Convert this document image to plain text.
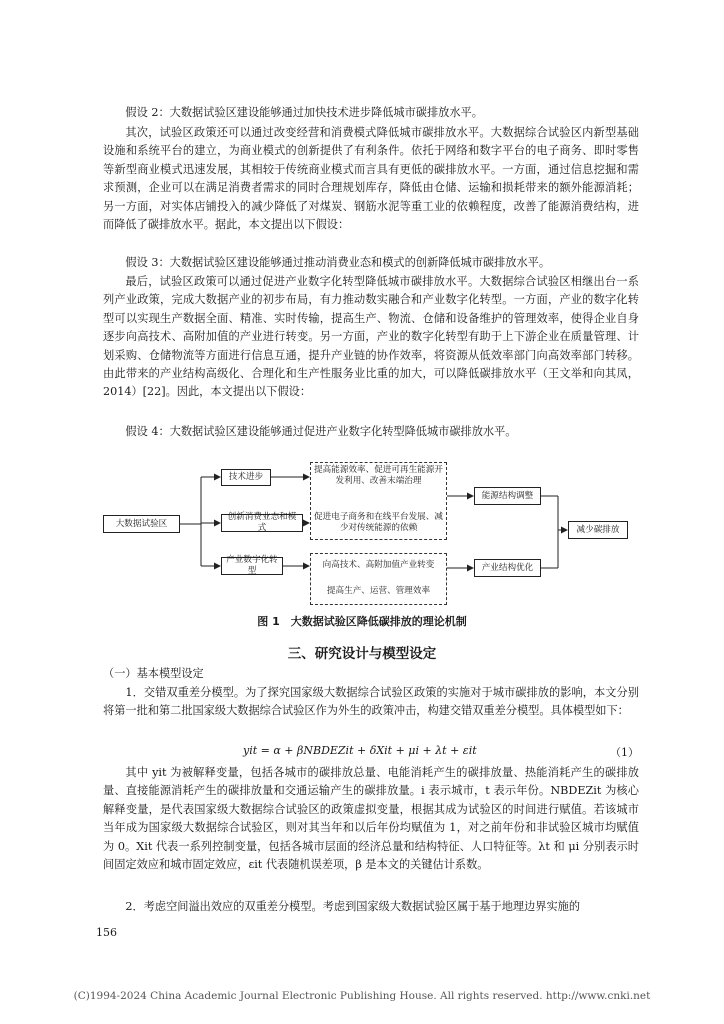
假设 2：大数据试验区建设能够通过加快技术进步降低城市碳排放水平。

其次，试验区政策还可以通过改变经营和消费模式降低城市碳排放水平。大数据综合试验区内新型基础设施和系统平台的建立，为商业模式的创新提供了有利条件。依托于网络和数字平台的电子商务、即时零售等新型商业模式迅速发展，其相较于传统商业模式而言具有更低的碳排放水平。一方面，通过信息挖掘和需求预测，企业可以在满足消费者需求的同时合理规划库存，降低由仓储、运输和损耗带来的额外能源消耗；另一方面，对实体店铺投入的减少降低了对煤炭、钢筋水泥等重工业的依赖程度，改善了能源消费结构，进而降低了碳排放水平。据此，本文提出以下假设：

假设 3：大数据试验区建设能够通过推动消费业态和模式的创新降低城市碳排放水平。

最后，试验区政策可以通过促进产业数字化转型降低城市碳排放水平。大数据综合试验区相继出台一系列产业政策，完成大数据产业的初步布局，有力推动数实融合和产业数字化转型。一方面，产业的数字化转型可以实现生产数据全面、精准、实时传输，提高生产、物流、仓储和设备维护的管理效率，使得企业自身逐步向高技术、高附加值的产业进行转变。另一方面，产业的数字化转型有助于上下游企业在质量管理、计划采购、仓储物流等方面进行信息互通，提升产业链的协作效率，将资源从低效率部门向高效率部门转移。由此带来的产业结构高级化、合理化和生产性服务业比重的加大，可以降低碳排放水平（王文举和向其凤，2014）[22]。因此，本文提出以下假设：

假设 4：大数据试验区建设能够通过促进产业数字化转型降低城市碳排放水平。

大数据试验区
技术进步
创新消费业态和模式
产业数字化转型
提高能源效率、促进可再生能源开发利用、改善末端治理
促进电子商务和在线平台发展、减少对传统能源的依赖
向高技术、高附加值产业转变
提高生产、运营、管理效率
能源结构调整
产业结构优化
减少碳排放

图 1　大数据试验区降低碳排放的理论机制

三、研究设计与模型设定

（一）基本模型设定

1．交错双重差分模型。为了探究国家级大数据综合试验区政策的实施对于城市碳排放的影响，本文分别将第一批和第二批国家级大数据综合试验区作为外生的政策冲击，构建交错双重差分模型。具体模型如下：

yit = α + βNBDEZit + δXit + μi + λt + εit	（1）

其中 yit 为被解释变量，包括各城市的碳排放总量、电能消耗产生的碳排放量、热能消耗产生的碳排放量、直接能源消耗产生的碳排放量和交通运输产生的碳排放量。i 表示城市，t 表示年份。NBDEZit 为核心解释变量，是代表国家级大数据综合试验区的政策虚拟变量，根据其成为试验区的时间进行赋值。若该城市当年成为国家级大数据综合试验区，则对其当年和以后年份均赋值为 1，对之前年份和非试验区城市均赋值为 0。Xit 代表一系列控制变量，包括各城市层面的经济总量和结构特征、人口特征等。λt 和 μi 分别表示时间固定效应和城市固定效应，εit 代表随机误差项，β 是本文的关键估计系数。

2．考虑空间溢出效应的双重差分模型。考虑到国家级大数据试验区属于基于地理边界实施的

156

(C)1994-2024 China Academic Journal Electronic Publishing House. All rights reserved. http://www.cnki.net
